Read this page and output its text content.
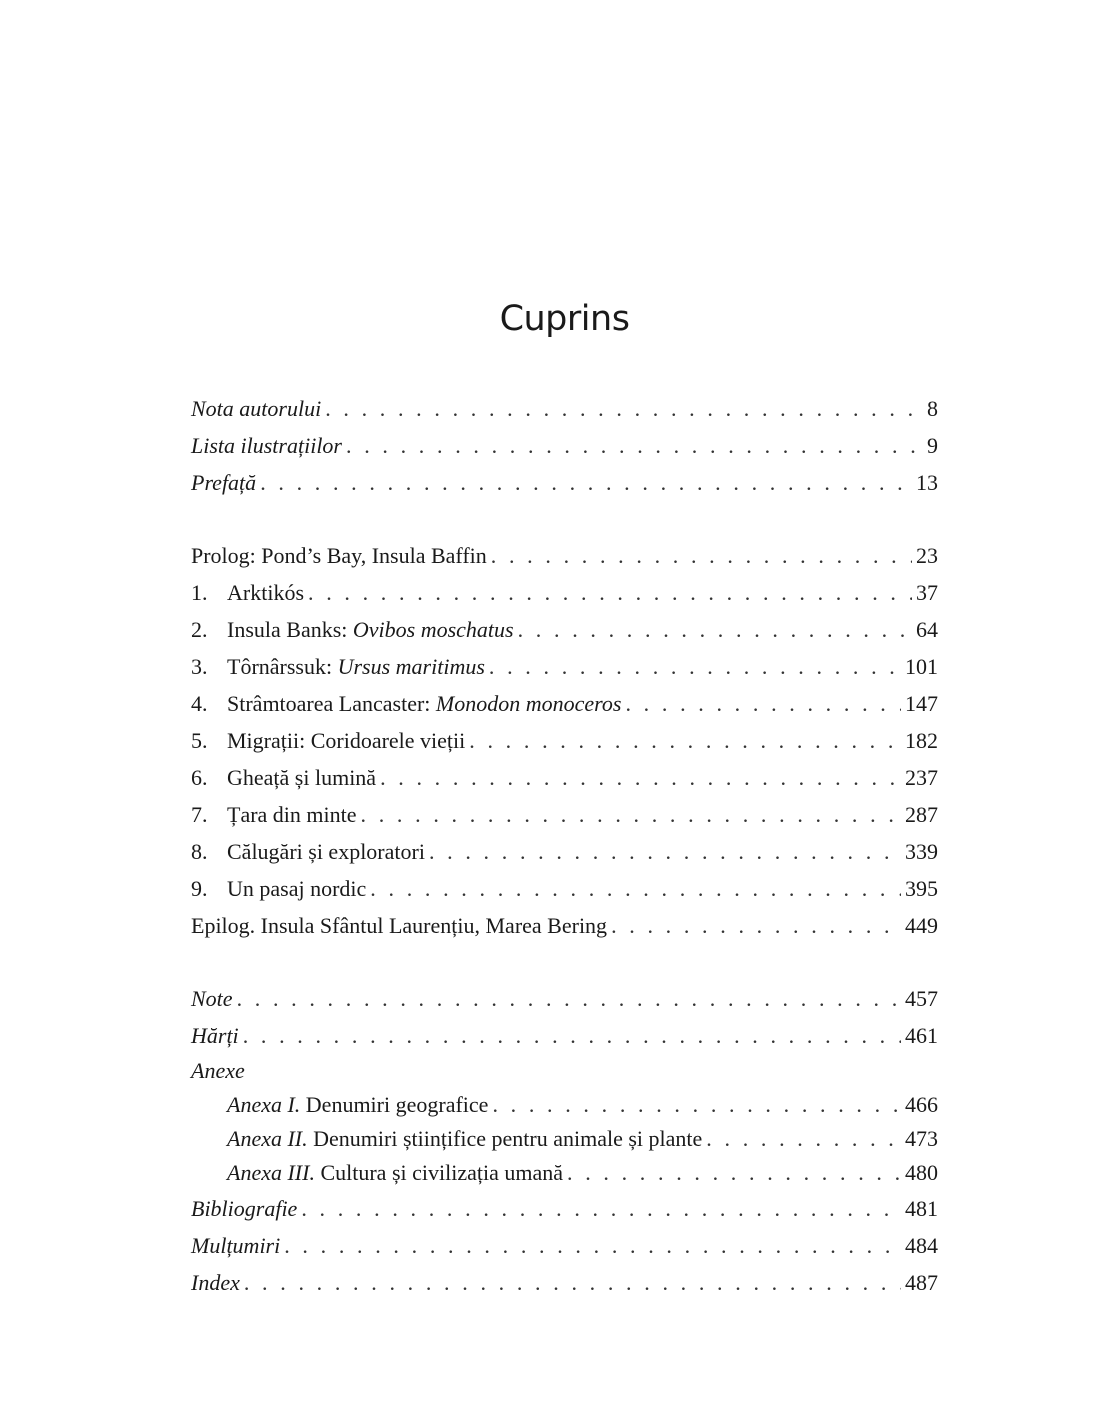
Cuprins
Nota autorului . . .	8
Lista ilustrațiilor . . .	9
Prefață . . .	13
Prolog: Pond’s Bay, Insula Baffin . . .	23
1. Arktikós . . .	37
2. Insula Banks: Ovibos moschatus . . .	64
3. Tôrnârssuk: Ursus maritimus . . .	101
4. Strâmtoarea Lancaster: Monodon monoceros . . .	147
5. Migrații: Coridoarele vieții . . .	182
6. Gheață și lumină . . .	237
7. Țara din minte . . .	287
8. Călugări și exploratori . . .	339
9. Un pasaj nordic . . .	395
Epilog. Insula Sfântul Laurențiu, Marea Bering . . .	449
Note . . .	457
Hărți . . .	461
Anexe
Anexa I. Denumiri geografice . . .	466
Anexa II. Denumiri științifice pentru animale și plante . . .	473
Anexa III. Cultura și civilizația umană . . .	480
Bibliografie . . .	481
Mulțumiri . . .	484
Index . . .	487
